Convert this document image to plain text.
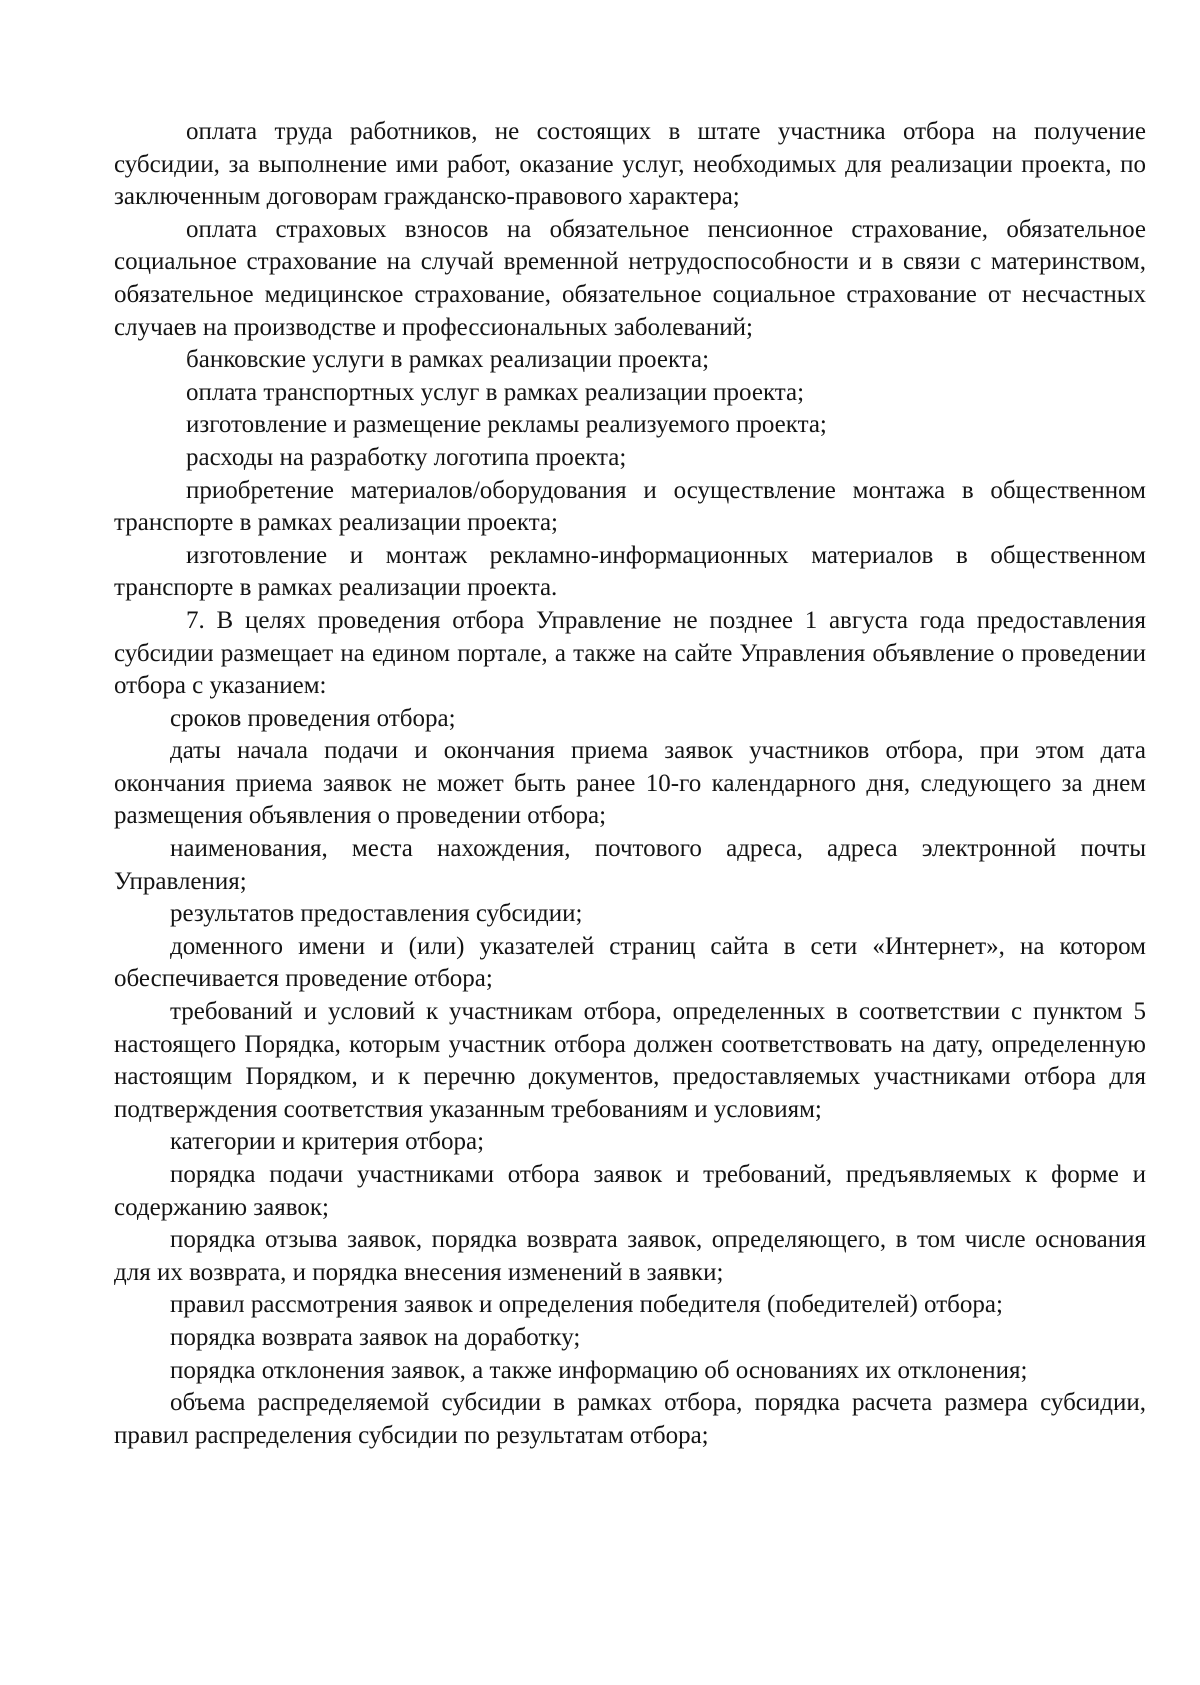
оплата труда работников, не состоящих в штате участника отбора на получение субсидии, за выполнение ими работ, оказание услуг, необходимых для реализации проекта, по заключенным договорам гражданско-правового характера;

оплата страховых взносов на обязательное пенсионное страхование, обязательное социальное страхование на случай временной нетрудоспособности и в связи с материнством, обязательное медицинское страхование, обязательное социальное страхование от несчастных случаев на производстве и профессиональных заболеваний;

банковские услуги в рамках реализации проекта;

оплата транспортных услуг в рамках реализации проекта;

изготовление и размещение рекламы реализуемого проекта;

расходы на разработку логотипа проекта;

приобретение материалов/оборудования и осуществление монтажа в общественном транспорте в рамках реализации проекта;

изготовление и монтаж рекламно-информационных материалов в общественном транспорте в рамках реализации проекта.

7. В целях проведения отбора Управление не позднее 1 августа года предоставления субсидии размещает на едином портале, а также на сайте Управления объявление о проведении отбора с указанием:

сроков проведения отбора;

даты начала подачи и окончания приема заявок участников отбора, при этом дата окончания приема заявок не может быть ранее 10-го календарного дня, следующего за днем размещения объявления о проведении отбора;

наименования, места нахождения, почтового адреса, адреса электронной почты Управления;

результатов предоставления субсидии;

доменного имени и (или) указателей страниц сайта в сети «Интернет», на котором обеспечивается проведение отбора;

требований и условий к участникам отбора, определенных в соответствии с пунктом 5 настоящего Порядка, которым участник отбора должен соответствовать на дату, определенную настоящим Порядком, и к перечню документов, предоставляемых участниками отбора для подтверждения соответствия указанным требованиям и условиям;

категории и критерия отбора;

порядка подачи участниками отбора заявок и требований, предъявляемых к форме и содержанию заявок;

порядка отзыва заявок, порядка возврата заявок, определяющего, в том числе основания для их возврата, и порядка внесения изменений в заявки;

правил рассмотрения заявок и определения победителя (победителей) отбора;

порядка возврата заявок на доработку;

порядка отклонения заявок, а также информацию об основаниях их отклонения;

объема распределяемой субсидии в рамках отбора, порядка расчета размера субсидии, правил распределения субсидии по результатам отбора;
